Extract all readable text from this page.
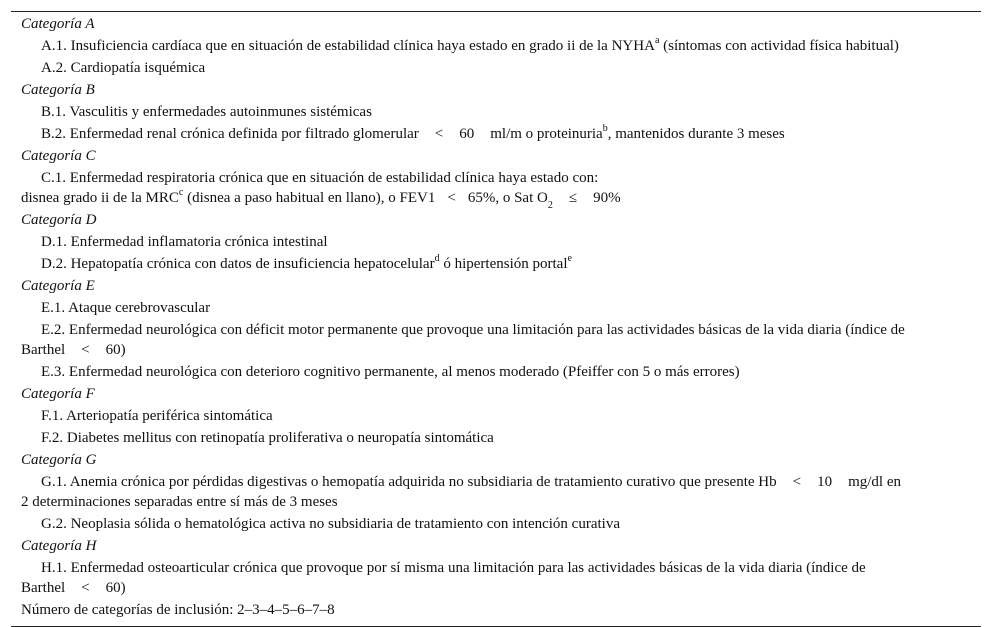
Categoría A
A.1. Insuficiencia cardíaca que en situación de estabilidad clínica haya estado en grado ii de la NYHA$^a$ (síntomas con actividad física habitual)
A.2. Cardiopatía isquémica
Categoría B
B.1. Vasculitis y enfermedades autoinmunes sistémicas
B.2. Enfermedad renal crónica definida por filtrado glomerular < 60 ml/m o proteinuria$^b$, mantenidos durante 3 meses
Categoría C
C.1. Enfermedad respiratoria crónica que en situación de estabilidad clínica haya estado con:
disnea grado ii de la MRC$^c$ (disnea a paso habitual en llano), o FEV1 < 65%, o Sat $O_2 \le 90\%$
Categoría D
D.1. Enfermedad inflamatoria crónica intestinal
D.2. Hepatopatía crónica con datos de insuficiencia hepatocelular$^d$ ó hipertensión portal$^e$
Categoría E
E.1. Ataque cerebrovascular
E.2. Enfermedad neurológica con déficit motor permanente que provoque una limitación para las actividades básicas de la vida diaria (índice de
Barthel < 60)
E.3. Enfermedad neurológica con deterioro cognitivo permanente, al menos moderado (Pfeiffer con 5 o más errores)
Categoría F
F.1. Arteriopatía periférica sintomática
F.2. Diabetes mellitus con retinopatía proliferativa o neuropatía sintomática
Categoría G
G.1. Anemia crónica por pérdidas digestivas o hemopatía adquirida no subsidiaria de tratamiento curativo que presente Hb < 10 mg/dl en
2 determinaciones separadas entre sí más de 3 meses
G.2. Neoplasia sólida o hematológica activa no subsidiaria de tratamiento con intención curativa
Categoría H
H.1. Enfermedad osteoarticular crónica que provoque por sí misma una limitación para las actividades básicas de la vida diaria (índice de
Barthel < 60)
Número de categorías de inclusión: 2–3–4–5–6–7–8
